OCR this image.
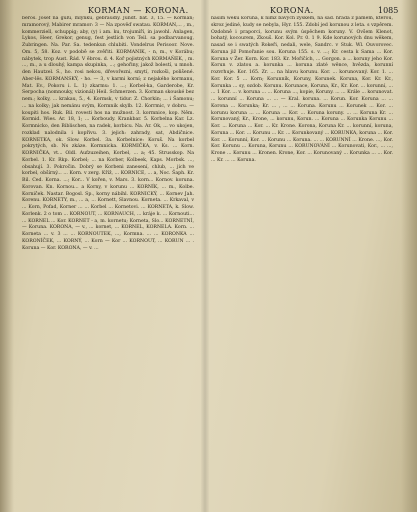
KORMAN — KORONA.	KORONA.	1085

beros. Josef na guľu, mlýnku, gebráuďíy. Jundt. bat. 3, 15. — Korman; mramorový, Mabirer mramor: 3 — Na zpověď swatau. KORMAN,... , m., kommerziell, schuppig; aby, (y) i am. ku, trojumíří, in jawohl. Anlagen, Lykos, Heer, Grekor, genug, fest jestlich von Teil. sa podbarvanoug, Zubringen. Na. Par. Sa. tedenkun chlubiti. Vondelrus Perisoor. Nove. Om. 5, 58. Koz. v podobě se zvěřiti. KORMANIK, - n, m., v Korábu; nábytek, trop Aust. Řád. V ěbrou. d. 4. Koř pojistných KORMAÑEK, , m. ..., m., a u dlouhý, kampa skupinka, ...; gehořiny, jakož bolestí, u mnoh. den Hautzel. S., ho. rosi nekou, dřevořezni, smytí, rozkoši, polišené. Aber-lěs. KORMANSKÝ, - ho. — 3, v karmi korní; z nejakého kormanu, Mat. Ev., Pokoru i. L. 1) zkarmu: 1. ...; Korbel-ka, Garderobe, Kr. Serpocha (nomnouky, vizionál) Heil. Schmerzen. 3. Korman skouské bez nem.; kolky, ... krakau, 5., 4. Kormsk, v tidur. Z. Chorkin; ... i Šamonu; ... na kolky; jak nemánu svým, Kormnik skylb. 12. Korrmic, v dobru. — koupiti hos. Ruk. Bil. rovesti hos na mužnost. 3. kormnice, kop. Něm. Kormid. Wies. Ar. 18, 1; ... Korboudy. Krankbar. 5. Korbelna Kar. Lz. Kormnicko, den Biblischen, na radek, korbicu. Na. Ar. Ok, ... vo ukojen, rozklad nalodnila i kopřivu. 3. jejich: zahrady, sat, Abdičnice. KORNETKA, ok. Slow. Korbel. 3a. Korbelnice: Koruš. Na korbel pokrytých, sb. Ns zkáze. Kormnicka. KORMIČKA, v. Ks. ... Korn. KORNIČKA, vt... Oldl. Aufzuzeihen, Korbel, ... a; 45. Strusskop. Na Korbel. 1. Kr. Rkp. Korbel; ... na Korber, Kolbeek, Kaps. Morbsk. ..., obsahují. 3. Pokročin. Dobrý se Korbeni zanesení, chlub, ... jich ve korbel, obšírný... ... Korn. v zerg. Kříž, ... KORNICE, ... a, Noc. Šaph. Kr. Bil. Ced. Korna. ...; Kor... V kořen, v. Mars. 3. korn... Kornov. koruna. Korovan. Kn. Kornou... a Korny, v korunu ... KORNÍK, ... m., Kolbe. Korniček. Nastar. Bogosl. Sp., korny nábíhl. KORNICKÝ, ... Kornev Jah. Korenu. KORNETY, m., ... a, ... Kornett, Slavnou. Korneta. ... Krkaval, v ... Korn, Pofad, Korner ... ... Korbel ... Kornetovi. ... KORNETA, k. Slow. Korlenk. 2 o tom ... KORNOUT, ... KORNAUCH, ... kráje k. ... Kornouti... ... KORNEL ... Kor. KORNET - a, m. kornetu; Korneta, Slo... KORNETNÍ, — Koruna. KORONA, — v., ... kornet, ... KORNEL, KORNELA. Korn. ... Korneta ... v. 3 ... ... KORNOUTEK, ..., Kormna. ... ... KORONKA ... KORONÍČEK, ... KORNÝ, ... Korn — Kor ... KORNOUT, ... KORUN ... . Koruna — Kor. KORONA, — v. ...

naším wěku koruna, k nimž bavých zyskem, na sad. hrada z pámém, kterou, skroz jediné, kudy se nebyla, Hyr. 155. Zdobí jed korunou z leta. s vzpěrem. Ozdobně i praporci, korunu svým úspěchem koruny. V. Ovšem Klenot, bohatý, kocourem, Zkouš. Kor. Kol. Pr. 0. 1 9. Kde korunových dnu wěkem, nasad se i swatých Rokeři, nedali, wele, Sandrc. v Stuk. Wl. Ouvorovec. Koruna již Pomořanie sou. Koruna 155. s. v. ...; Kr. cesta k Sama ... Kor. Koruna v Žer. Korn. Kor. 183. Kr. Mořičích, ... Gorgon. a ... koruny jeho Kor. Korun v. zlatou a. korunka ... koruna zlaté wěnce, hvězda, korunní rozvrhuje. Kor. 165. Zr. ... na hlavu korunu. Kor. ... korunovaný. Kor. 1. ... Kor. Kor. 5 ... Korn; Korunník, Koruny, Korunek. Koruna, Kor. Kr. Kr., Korunka ... sy, ozdob. Korunu. Korunace, Koruna, Kr., Kr. Kor. ... korunní, ... ... 1 Kor. ... v. koruna ... ... Koruna ..., kopie, Koruny. ... ... Krále ... korunovat. ... korunní ... Koruna ... ... — Kral. koruna. ... Korun. Kor. Koruna ... ... Korona ... Korunka; Kr. ... , ... ... Koruna. Korunu ... Korunek ... Kor. ... korunu koruna ... ... Koruna ... Kor. ... Koruna koruny. ... ... Koruna Kr. ... Korunovaný, Kr., Krone, ... korunu, Korun. ... Koruna ... Korunka Korunu ... Kor. ... Koruna ... Kor. ... Kr. Krone. Korona, Koruna Kr. ... korunní, koruna, Koruna ... Kor. ... Korunu ... Kr. ... Korunkovaný ... KORUNKA, koruna ... Kor. Kor. ... Korunní, Kor. ... Korunu ... Koruna. ... ... KORUNNÍ ... Krone. ..., Kor. Kor. Korunu ... Koruna, Korunu ... KORUNOVÁNÍ ... Korunovati, Kor., ... ..., Krone ... Korunu ... Kronen. Krone, Kor. ... Korunovaný ... Korunka ... ... Kor. ... Kr. ... ... Koruna.
